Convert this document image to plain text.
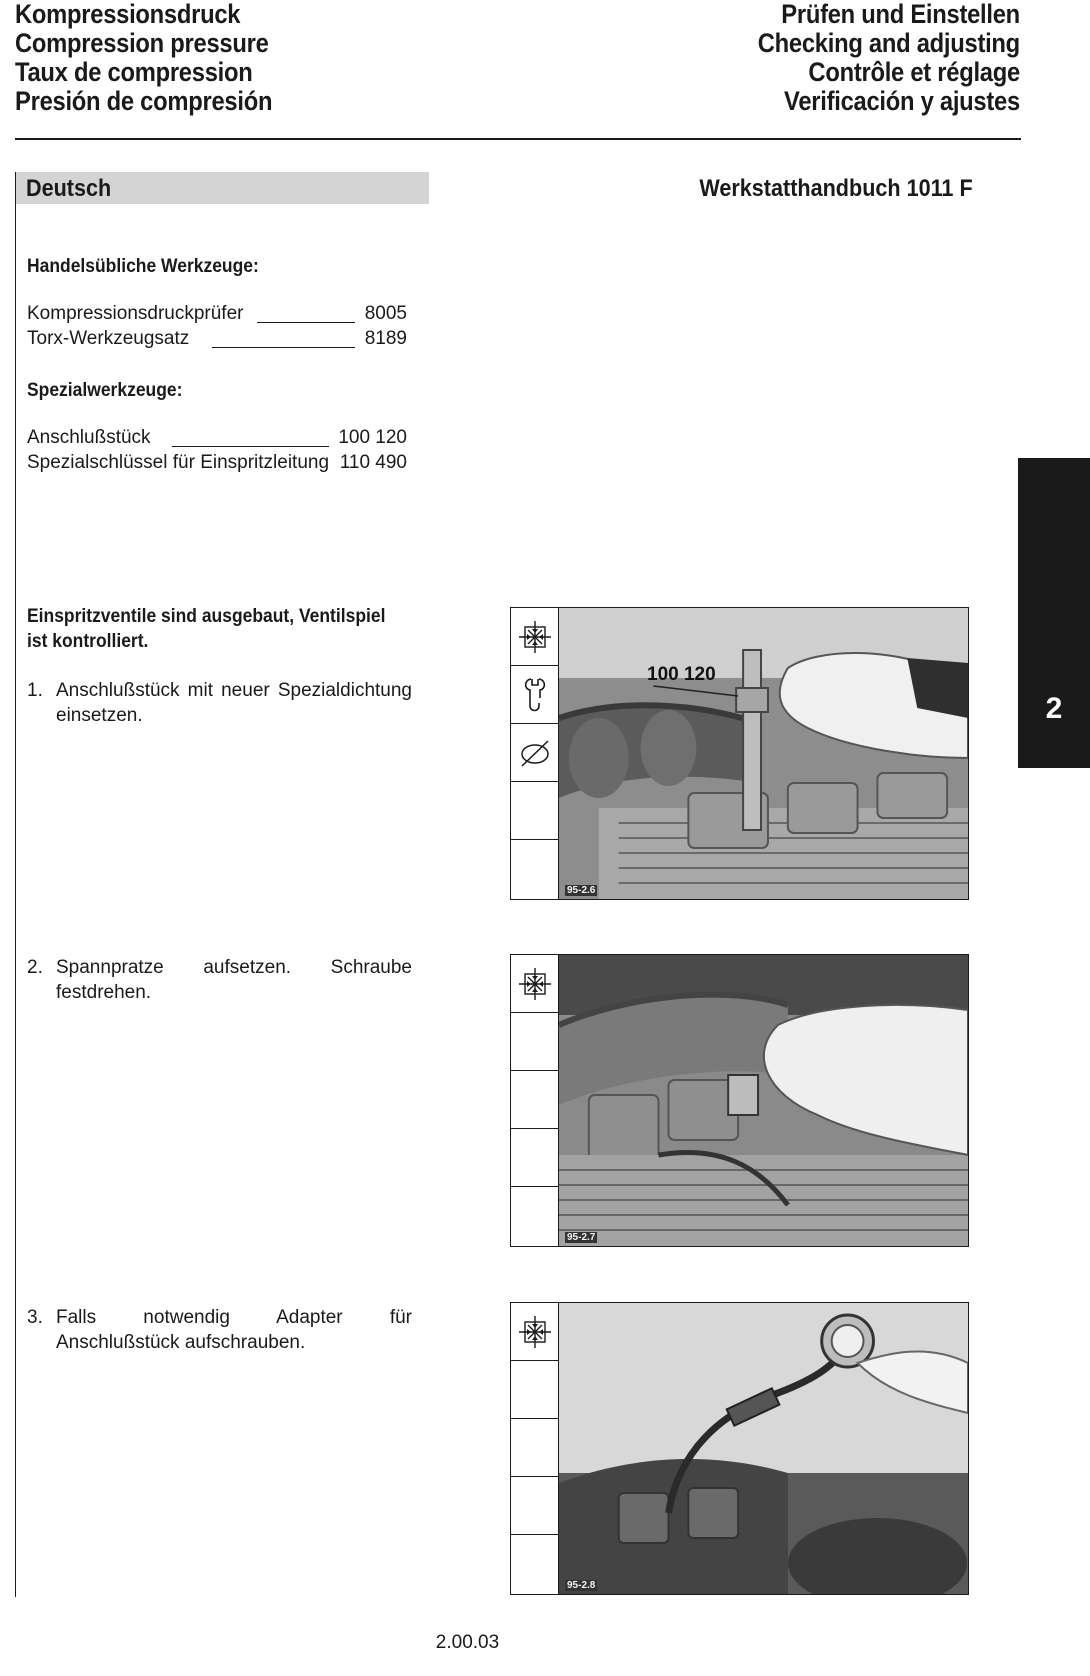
Kompressionsdruck
Compression pressure
Taux de compression
Presión de compresión
Prüfen und Einstellen
Checking and adjusting
Contrôle et réglage
Verificación y ajustes
Deutsch	Werkstatthandbuch 1011 F
Handelsübliche Werkzeuge:
Kompressionsdruckprüfer	8005
Torx-Werkzeugsatz	8189
Spezialwerkzeuge:
Anschlußstück	100 120
Spezialschlüssel für Einspritzleitung 110 490
Einspritzventile sind ausgebaut, Ventilspiel
ist kontrolliert.
1. Anschlußstück mit neuer Spezialdichtung einsetzen.
2. Spannpratze aufsetzen. Schraube festdrehen.
3. Falls notwendig Adapter für Anschlußstück aufschrauben.
2
100 120
95-2.6
95-2.7
95-2.8
2.00.03
